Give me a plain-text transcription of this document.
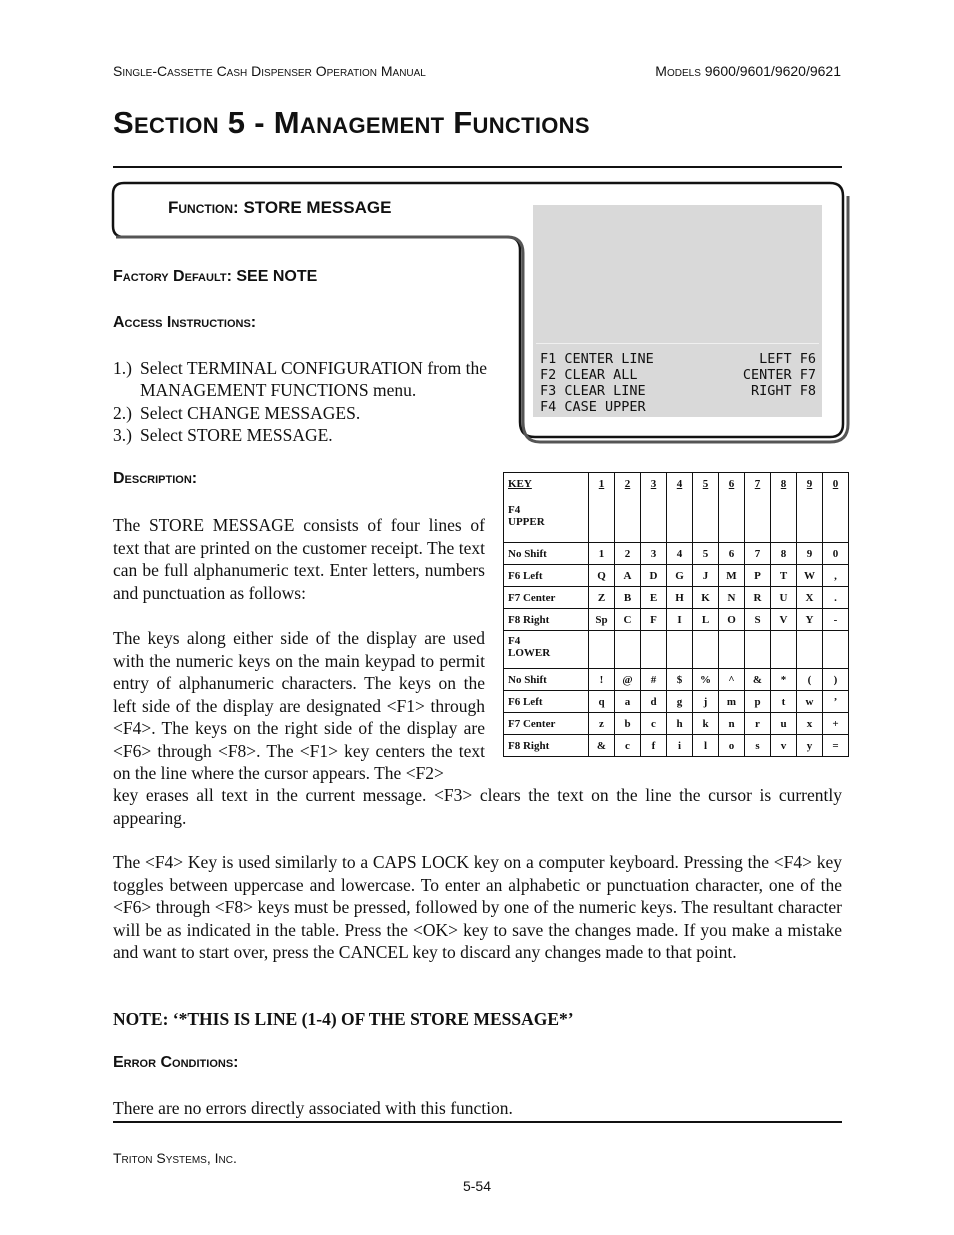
Single-Cassette Cash Dispenser Operation Manual	Models 9600/9601/9620/9621
Section 5 - Management Functions
Function: STORE MESSAGE
F1 CENTER LINE
F2 CLEAR ALL
F3 CLEAR LINE
F4 CASE UPPER
LEFT F6
CENTER F7
RIGHT F8
Factory Default: SEE NOTE
Access Instructions:
1.) Select TERMINAL CONFIGURATION from the
MANAGEMENT FUNCTIONS menu.
2.) Select CHANGE MESSAGES.
3.) Select STORE MESSAGE.
Description:
The STORE MESSAGE consists of four lines of text that are printed on the customer receipt. The text can be full alphanumeric text. Enter letters, numbers and punctuation as follows:
The keys along either side of the display are used with the numeric keys on the main keypad to permit entry of alphanumeric characters. The keys on the left side of the display are designated <F1> through <F4>. The keys on the right side of the display are <F6> through <F8>. The <F1> key centers the text on the line where the cursor appears. The <F2>
key erases all text in the current message. <F3> clears the text on the line the cursor is currently appearing.
The <F4> Key is used similarly to a CAPS LOCK key on a computer keyboard. Pressing the <F4> key toggles between uppercase and lowercase. To enter an alphabetic or punctuation character, one of the <F6> through <F8> keys must be pressed, followed by one of the numeric keys. The resultant character will be as indicated in the table. Press the <OK> key to save the changes made. If you make a mistake and want to start over, press the CANCEL key to discard any changes made to that point.
KEY
F4
UPPER	1	2	3	4	5	6	7	8	9	0
No Shift	1	2	3	4	5	6	7	8	9	0
F6 Left	Q	A	D	G	J	M	P	T	W	,
F7 Center	Z	B	E	H	K	N	R	U	X	.
F8 Right	Sp	C	F	I	L	O	S	V	Y	-

F4
LOWER										

No Shift	!	@	#	$	%	^	&	*	(	)
F6 Left	q	a	d	g	j	m	p	t	w	’
F7 Center	z	b	c	h	k	n	r	u	x	+
F8 Right	&	c	f	i	l	o	s	v	y	=
NOTE: ‘*THIS IS LINE (1-4) OF THE STORE MESSAGE*’
Error Conditions:
There are no errors directly associated with this function.
Triton Systems, Inc.
5-54
